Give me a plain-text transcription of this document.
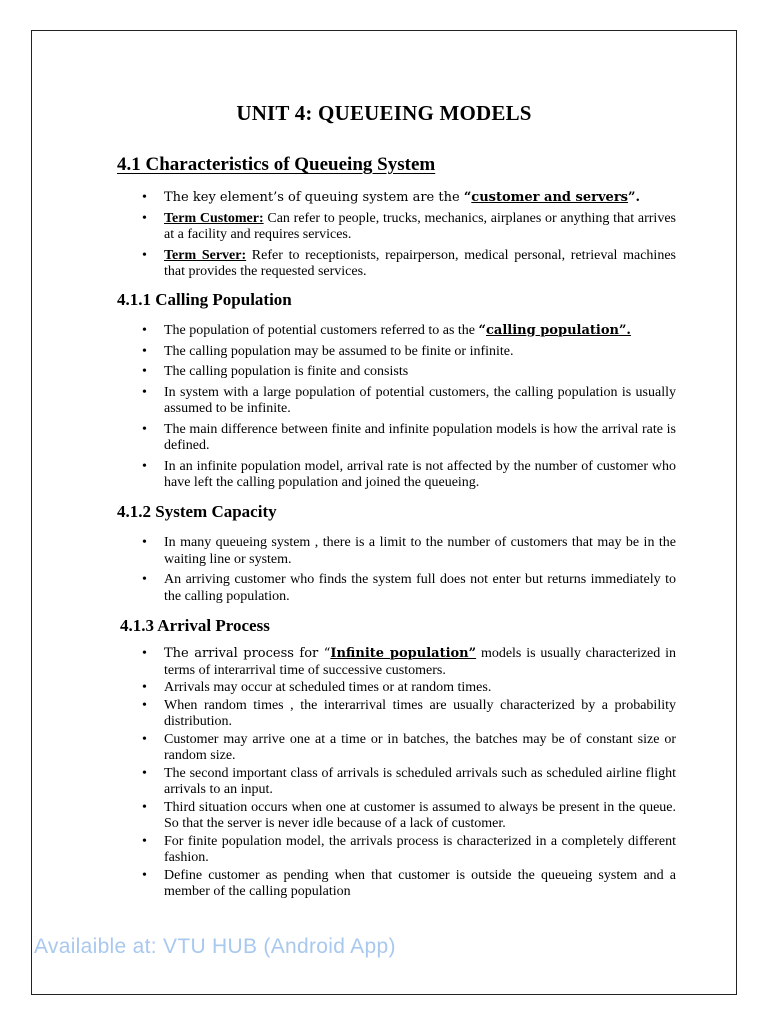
UNIT 4: QUEUEING MODELS
4.1 Characteristics of Queueing System
• The key element’s of queuing system are the “customer and servers”.
• Term Customer: Can refer to people, trucks, mechanics, airplanes or anything that arrives at a facility and requires services.
• Term Server: Refer to receptionists, repairperson, medical personal, retrieval machines that provides the requested services.
4.1.1 Calling Population
• The population of potential customers referred to as the “calling population”.
• The calling population may be assumed to be finite or infinite.
• The calling population is finite and consists
• In system with a large population of potential customers, the calling population is usually assumed to be infinite.
• The main difference between finite and infinite population models is how the arrival rate is defined.
• In an infinite population model, arrival rate is not affected by the number of customer who have left the calling population and joined the queueing.
4.1.2 System Capacity
• In many queueing system , there is a limit to the number of customers that may be in the waiting line or system.
• An arriving customer who finds the system full does not enter but returns immediately to the calling population.
4.1.3 Arrival Process
• The arrival process for “Infinite population” models is usually characterized in terms of interarrival time of successive customers.
• Arrivals may occur at scheduled times or at random times.
• When random times , the interarrival times are usually characterized by a probability distribution.
• Customer may arrive one at a time or in batches, the batches may be of constant size or random size.
• The second important class of arrivals is scheduled arrivals such as scheduled airline flight arrivals to an input.
• Third situation occurs when one at customer is assumed to always be present in the queue. So that the server is never idle because of a lack of customer.
• For finite population model, the arrivals process is characterized in a completely different fashion.
• Define customer as pending when that customer is outside the queueing system and a member of the calling population
Availaible at: VTU HUB (Android App)
